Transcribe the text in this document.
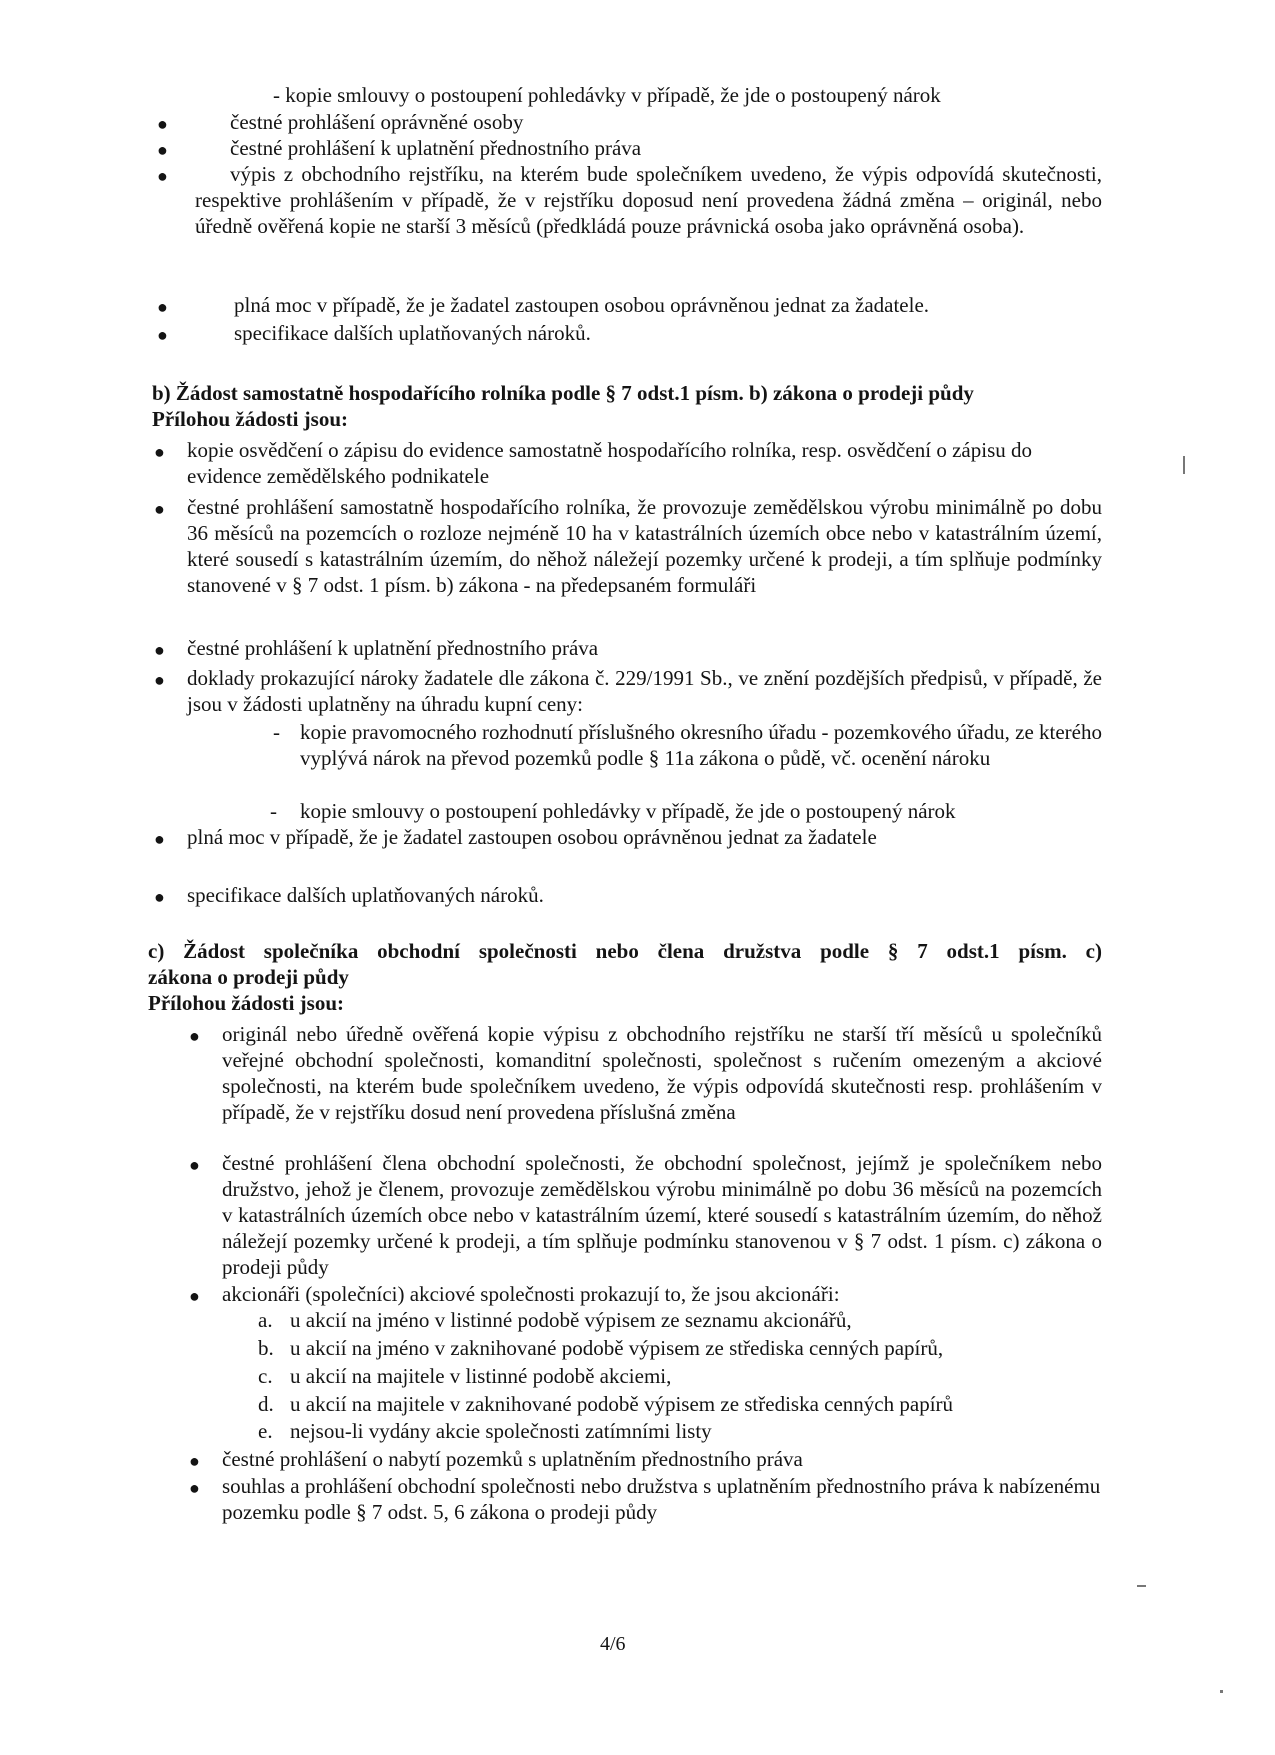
- kopie smlouvy o postoupení pohledávky v případě, že jde o postoupený nárok
●	čestné prohlášení oprávněné osoby
●	čestné prohlášení k uplatnění přednostního práva
●	výpis z obchodního rejstříku, na kterém bude společníkem uvedeno, že výpis odpovídá skutečnosti, respektive prohlášením v případě, že v rejstříku doposud není provedena žádná změna – originál, nebo úředně ověřená kopie ne starší 3 měsíců (předkládá pouze právnická osoba jako oprávněná osoba).
●	plná moc v případě, že je žadatel zastoupen osobou oprávněnou jednat za žadatele.
●	specifikace dalších uplatňovaných nároků.
b) Žádost samostatně hospodařícího rolníka podle § 7 odst.1 písm. b) zákona o prodeji půdy
Přílohou žádosti jsou:
● kopie osvědčení o zápisu do evidence samostatně hospodařícího rolníka, resp. osvědčení o zápisu do evidence zemědělského podnikatele
● čestné prohlášení samostatně hospodařícího rolníka, že provozuje zemědělskou výrobu minimálně po dobu 36 měsíců na pozemcích o rozloze nejméně 10 ha v katastrálních územích obce nebo v katastrálním území, které sousedí s katastrálním územím, do něhož náležejí pozemky určené k prodeji, a tím splňuje podmínky stanovené v § 7 odst. 1 písm. b) zákona - na předepsaném formuláři
● čestné prohlášení k uplatnění přednostního práva
● doklady prokazující nároky žadatele dle zákona č. 229/1991 Sb., ve znění pozdějších předpisů, v případě, že jsou v žádosti uplatněny na úhradu kupní ceny:
- kopie pravomocného rozhodnutí příslušného okresního úřadu - pozemkového úřadu, ze kterého vyplývá nárok na převod pozemků podle § 11a zákona o půdě, vč. ocenění nároku
- kopie smlouvy o postoupení pohledávky v případě, že jde o postoupený nárok
● plná moc v případě, že je žadatel zastoupen osobou oprávněnou jednat za žadatele
● specifikace dalších uplatňovaných nároků.
c) Žádost společníka obchodní společnosti nebo člena družstva podle § 7 odst.1 písm. c)
zákona o prodeji půdy
Přílohou žádosti jsou:
● originál nebo úředně ověřená kopie výpisu z obchodního rejstříku ne starší tří měsíců u společníků veřejné obchodní společnosti, komanditní společnosti, společnost s ručením omezeným a akciové společnosti, na kterém bude společníkem uvedeno, že výpis odpovídá skutečnosti resp. prohlášením v případě, že v rejstříku dosud není provedena příslušná změna
● čestné prohlášení člena obchodní společnosti, že obchodní společnost, jejímž je společníkem nebo družstvo, jehož je členem, provozuje zemědělskou výrobu minimálně po dobu 36 měsíců na pozemcích v katastrálních územích obce nebo v katastrálním území, které sousedí s katastrálním územím, do něhož náležejí pozemky určené k prodeji, a tím splňuje podmínku stanovenou v § 7 odst. 1 písm. c) zákona o prodeji půdy
● akcionáři (společníci) akciové společnosti prokazují to, že jsou akcionáři:
a. u akcií na jméno v listinné podobě výpisem ze seznamu akcionářů,
b. u akcií na jméno v zaknihované podobě výpisem ze střediska cenných papírů,
c. u akcií na majitele v listinné podobě akciemi,
d. u akcií na majitele v zaknihované podobě výpisem ze střediska cenných papírů
e. nejsou-li vydány akcie společnosti zatímními listy
● čestné prohlášení o nabytí pozemků s uplatněním přednostního práva
● souhlas a prohlášení obchodní společnosti nebo družstva s uplatněním přednostního práva k nabízenému pozemku podle § 7 odst. 5, 6 zákona o prodeji půdy
4/6
